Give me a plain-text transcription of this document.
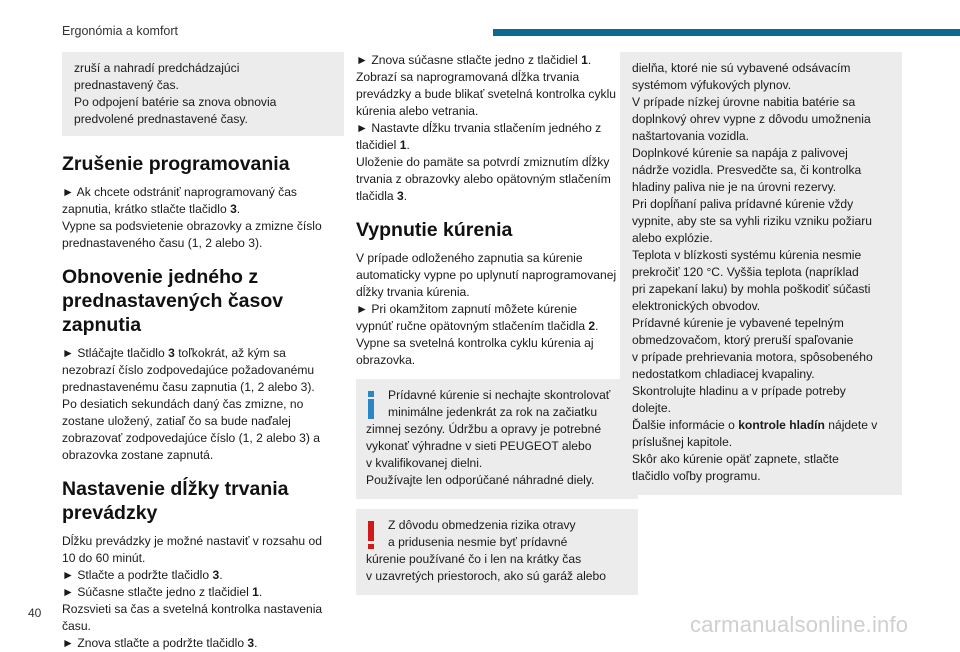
Ergonómia a komfort

zruší a nahradí predchádzajúci

prednastavený čas.

Po odpojení batérie sa znova obnovia

predvolené prednastavené časy.

Zrušenie programovania

► Ak chcete odstrániť naprogramovaný čas

zapnutia, krátko stlačte tlačidlo 3.

Vypne sa podsvietenie obrazovky a zmizne číslo

prednastaveného času (1, 2 alebo 3).

Obnovenie jedného z
prednastavených časov
zapnutia

► Stláčajte tlačidlo 3 toľkokrát, až kým sa

nezobrazí číslo zodpovedajúce požadovanému

prednastavenému času zapnutia (1, 2 alebo 3).

Po desiatich sekundách daný čas zmizne, no

zostane uložený, zatiaľ čo sa bude naďalej

zobrazovať zodpovedajúce číslo (1, 2 alebo 3) a

obrazovka zostane zapnutá.

Nastavenie dĺžky trvania
prevádzky

Dĺžku prevádzky je možné nastaviť v rozsahu od

10 do 60 minút.

► Stlačte a podržte tlačidlo 3.

► Súčasne stlačte jedno z tlačidiel 1.

Rozsvieti sa čas a svetelná kontrolka nastavenia

času.

► Znova stlačte a podržte tlačidlo 3.

► Znova súčasne stlačte jedno z tlačidiel 1.

Zobrazí sa naprogramovaná dĺžka trvania

prevádzky a bude blikať svetelná kontrolka cyklu

kúrenia alebo vetrania.

► Nastavte dĺžku trvania stlačením jedného z

tlačidiel 1.

Uloženie do pamäte sa potvrdí zmiznutím dĺžky

trvania z obrazovky alebo opätovným stlačením

tlačidla 3.

Vypnutie kúrenia

V prípade odloženého zapnutia sa kúrenie

automaticky vypne po uplynutí naprogramovanej

dĺžky trvania kúrenia.

► Pri okamžitom zapnutí môžete kúrenie

vypnúť ručne opätovným stlačením tlačidla 2.

Vypne sa svetelná kontrolka cyklu kúrenia aj

obrazovka.

Prídavné kúrenie si nechajte skontrolovať

minimálne jedenkrát za rok na začiatku

zimnej sezóny. Údržbu a opravy je potrebné

vykonať výhradne v sieti PEUGEOT alebo

v kvalifikovanej dielni.

Používajte len odporúčané náhradné diely.

Z dôvodu obmedzenia rizika otravy

a pridusenia nesmie byť prídavné

kúrenie používané čo i len na krátky čas

v uzavretých priestoroch, ako sú garáž alebo

dielňa, ktoré nie sú vybavené odsávacím

systémom výfukových plynov.

V prípade nízkej úrovne nabitia batérie sa

doplnkový ohrev vypne z dôvodu umožnenia

naštartovania vozidla.

Doplnkové kúrenie sa napája z palivovej

nádrže vozidla. Presvedčte sa, či kontrolka

hladiny paliva nie je na úrovni rezervy.

Pri dopĺňaní paliva prídavné kúrenie vždy

vypnite, aby ste sa vyhli riziku vzniku požiaru

alebo explózie.

Teplota v blízkosti systému kúrenia nesmie

prekročiť 120 °C. Vyššia teplota (napríklad

pri zapekaní laku) by mohla poškodiť súčasti

elektronických obvodov.

Prídavné kúrenie je vybavené tepelným

obmedzovačom, ktorý preruší spaľovanie

v prípade prehrievania motora, spôsobeného

nedostatkom chladiacej kvapaliny.

Skontrolujte hladinu a v prípade potreby

dolejte.

Ďalšie informácie o kontrole hladín nájdete v

príslušnej kapitole.

Skôr ako kúrenie opäť zapnete, stlačte

tlačidlo voľby programu.

40	carmanualsonline.info
